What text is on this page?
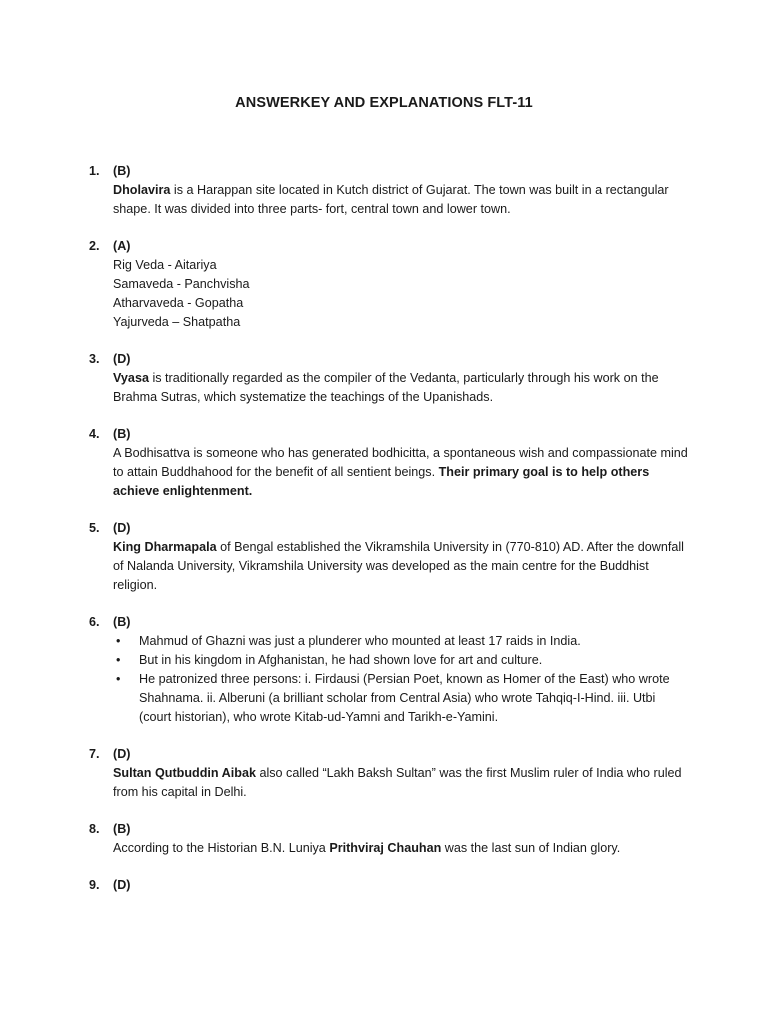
ANSWERKEY AND EXPLANATIONS FLT-11
1. (B)
Dholavira is a Harappan site located in Kutch district of Gujarat. The town was built in a rectangular shape. It was divided into three parts- fort, central town and lower town.
2. (A)
Rig Veda - Aitariya
Samaveda - Panchvisha
Atharvaveda - Gopatha
Yajurveda – Shatpatha
3. (D)
Vyasa is traditionally regarded as the compiler of the Vedanta, particularly through his work on the Brahma Sutras, which systematize the teachings of the Upanishads.
4. (B)
A Bodhisattva is someone who has generated bodhicitta, a spontaneous wish and compassionate mind to attain Buddhahood for the benefit of all sentient beings. Their primary goal is to help others achieve enlightenment.
5. (D)
King Dharmapala of Bengal established the Vikramshila University in (770-810) AD. After the downfall of Nalanda University, Vikramshila University was developed as the main centre for the Buddhist religion.
6. (B)
• Mahmud of Ghazni was just a plunderer who mounted at least 17 raids in India.
• But in his kingdom in Afghanistan, he had shown love for art and culture.
• He patronized three persons: i. Firdausi (Persian Poet, known as Homer of the East) who wrote Shahnama. ii. Alberuni (a brilliant scholar from Central Asia) who wrote Tahqiq-I-Hind. iii. Utbi (court historian), who wrote Kitab-ud-Yamni and Tarikh-e-Yamini.
7. (D)
Sultan Qutbuddin Aibak also called “Lakh Baksh Sultan” was the first Muslim ruler of India who ruled from his capital in Delhi.
8. (B)
According to the Historian B.N. Luniya Prithviraj Chauhan was the last sun of Indian glory.
9. (D)
